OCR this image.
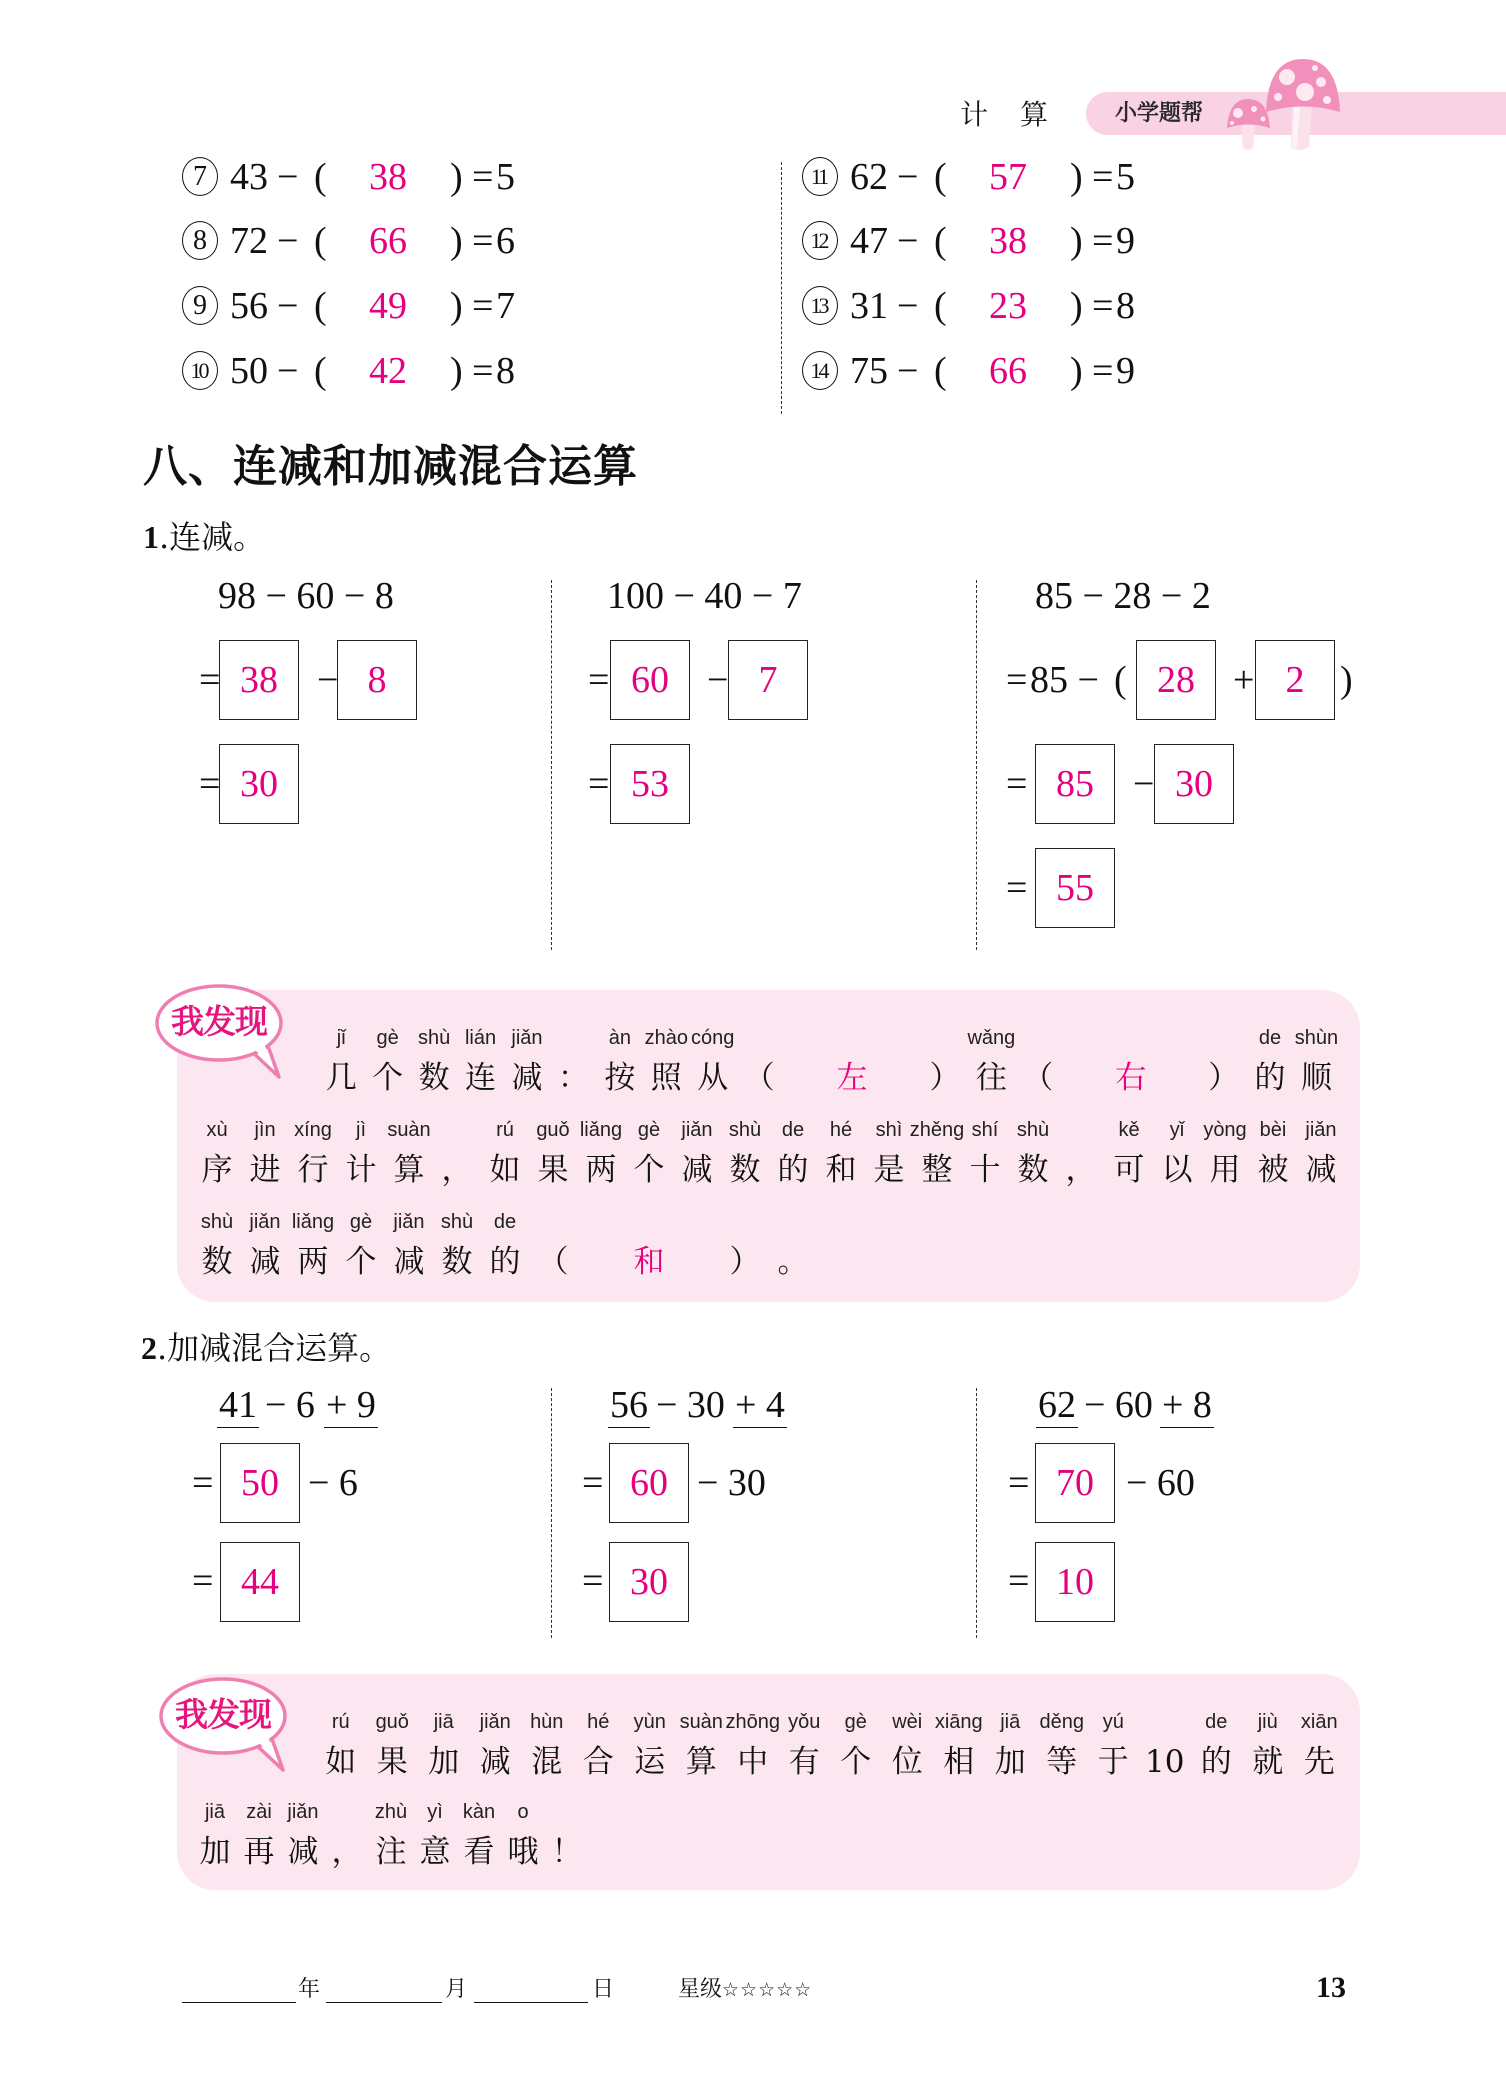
计算 小学题帮
7 43 − (	38	) = 5
8 72 − (	66	) = 6
9 56 − (	49	) = 7
10 50 − (	42	) = 8
11 62 − (	57	) = 5
12 47 − (	38	) = 9
13 31 − (	23	) = 8
14 75 − (	66	) = 9
八、连减和加减混合运算
1.连减。
98 − 60 − 8
= 38	− 8
= 30
100 − 40 − 7
= 60	− 7
= 53
85 − 28 − 2
= 85 − ( 28	+ 2 )
= 85	− 30
= 55
我发现	jǐ
几
gè
个
shù
数
lián
连
jiǎn
减 ：
àn
按
zhào
照
cóng
从 （ 左 ）
wǎng
往 （ 右 ）
de
的
shùn
顺
xù
序
jìn
进
xíng
行
jì
计
suàn
算 ，
rú
如
guǒ
果
liǎng
两
gè
个
jiǎn
减
shù
数
de
的
hé
和
shì
是
zhěng
整
shí
十
shù
数 ，
kě
可
yǐ
以
yòng
用
bèi
被
jiǎn
减
shù
数
jiǎn
减
liǎng
两
gè
个
jiǎn
减
shù
数
de
的 （ 和 ） 。
2.加减混合运算。

41

− 6

+ 9

= 50 − 6
= 44

56

− 30

+ 4

= 60 − 30
= 30

62

− 60

+ 8

= 70 − 60
= 10
我发现	rú
如
guǒ
果
jiā
加
jiǎn
减
hùn
混
hé
合
yùn
运
suàn
算
zhōng
中
yǒu
有
gè
个
wèi
位
xiāng
相
jiā
加
děng
等
yú
于 10
de
的
jiù
就
xiān
先
jiā
加
zài
再
jiǎn
减 ，
zhù
注
yì
意
kàn
看
o
哦 ！
年	月	日	星级☆☆☆☆☆	13
